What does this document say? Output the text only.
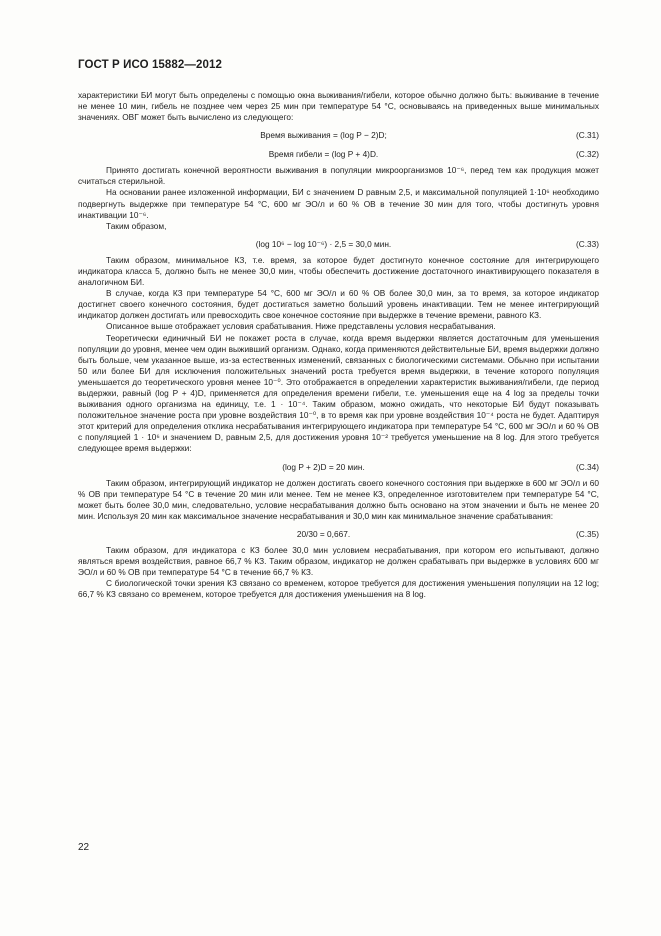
ГОСТ Р ИСО 15882—2012

характеристики БИ могут быть определены с помощью окна выживания/гибели, которое обычно должно быть: выживание в течение не менее 10 мин, гибель не позднее чем через 25 мин при температуре 54 °С, основываясь на приведенных выше минимальных значениях. ОВГ может быть вычислено из следующего:

Время выживания = (log P − 2)D;	(С.31)
Время гибели = (log P + 4)D.	(С.32)

Принято достигать конечной вероятности выживания в популяции микроорганизмов 10⁻⁶, перед тем как продукция может считаться стерильной.

На основании ранее изложенной информации, БИ с значением D равным 2,5, и максимальной популяцией 1·10⁶ необходимо подвергнуть выдержке при температуре 54 °С, 600 мг ЭО/л и 60 % ОВ в течение 30 мин для того, чтобы достигнуть уровня инактивации 10⁻⁶.

Таким образом,

(log 10⁶ − log 10⁻⁶) · 2,5 = 30,0 мин.	(С.33)

Таким образом, минимальное КЗ, т.е. время, за которое будет достигнуто конечное состояние для интегрирующего индикатора класса 5, должно быть не менее 30,0 мин, чтобы обеспечить достижение достаточного инактивирующего показателя в аналогичном БИ.

В случае, когда КЗ при температуре 54 °С, 600 мг ЭО/л и 60 % ОВ более 30,0 мин, за то время, за которое индикатор достигнет своего конечного состояния, будет достигаться заметно больший уровень инактивации. Тем не менее интегрирующий индикатор должен достигать или превосходить свое конечное состояние при выдержке в течение времени, равного КЗ.

Описанное выше отображает условия срабатывания. Ниже представлены условия несрабатывания.

Теоретически единичный БИ не покажет роста в случае, когда время выдержки является достаточным для уменьшения популяции до уровня, менее чем один выживший организм. Однако, когда применяются действительные БИ, время выдержки должно быть больше, чем указанное выше, из-за естественных изменений, связанных с биологическими системами. Обычно при испытании 50 или более БИ для исключения положительных значений роста требуется время выдержки, в течение которого популяция уменьшается до теоретического уровня менее 10⁻⁰. Это отображается в определении характеристик выживания/гибели, где период выдержки, равный (log P + 4)D, применяется для определения времени гибели, т.е. уменьшения еще на 4 log за пределы точки выживания одного организма на единицу, т.е. 1 · 10⁻⁴. Таким образом, можно ожидать, что некоторые БИ будут показывать положительное значение роста при уровне воздействия 10⁻⁰, в то время как при уровне воздействия 10⁻⁴ роста не будет. Адаптируя этот критерий для определения отклика несрабатывания интегрирующего индикатора при температуре 54 °С, 600 мг ЭО/л и 60 % ОВ с популяцией 1 · 10⁶ и значением D, равным 2,5, для достижения уровня 10⁻² требуется уменьшение на 8 log. Для этого требуется следующее время выдержки:

(log P + 2)D = 20 мин.	(С.34)

Таким образом, интегрирующий индикатор не должен достигать своего конечного состояния при выдержке в 600 мг ЭО/л и 60 % ОВ при температуре 54 °С в течение 20 мин или менее. Тем не менее КЗ, определенное изготовителем при температуре 54 °С, может быть более 30,0 мин, следовательно, условие несрабатывания должно быть основано на этом значении и быть не менее 20 мин. Используя 20 мин как максимальное значение несрабатывания и 30,0 мин как минимальное значение срабатывания:

20/30 = 0,667.	(С.35)

Таким образом, для индикатора с КЗ более 30,0 мин условием несрабатывания, при котором его испытывают, должно являться время воздействия, равное 66,7 % КЗ. Таким образом, индикатор не должен срабатывать при выдержке в условиях 600 мг ЭО/л и 60 % ОВ при температуре 54 °С в течение 66,7 % КЗ.

С биологической точки зрения КЗ связано со временем, которое требуется для достижения уменьшения популяции на 12 log; 66,7 % КЗ связано со временем, которое требуется для достижения уменьшения на 8 log.

22
